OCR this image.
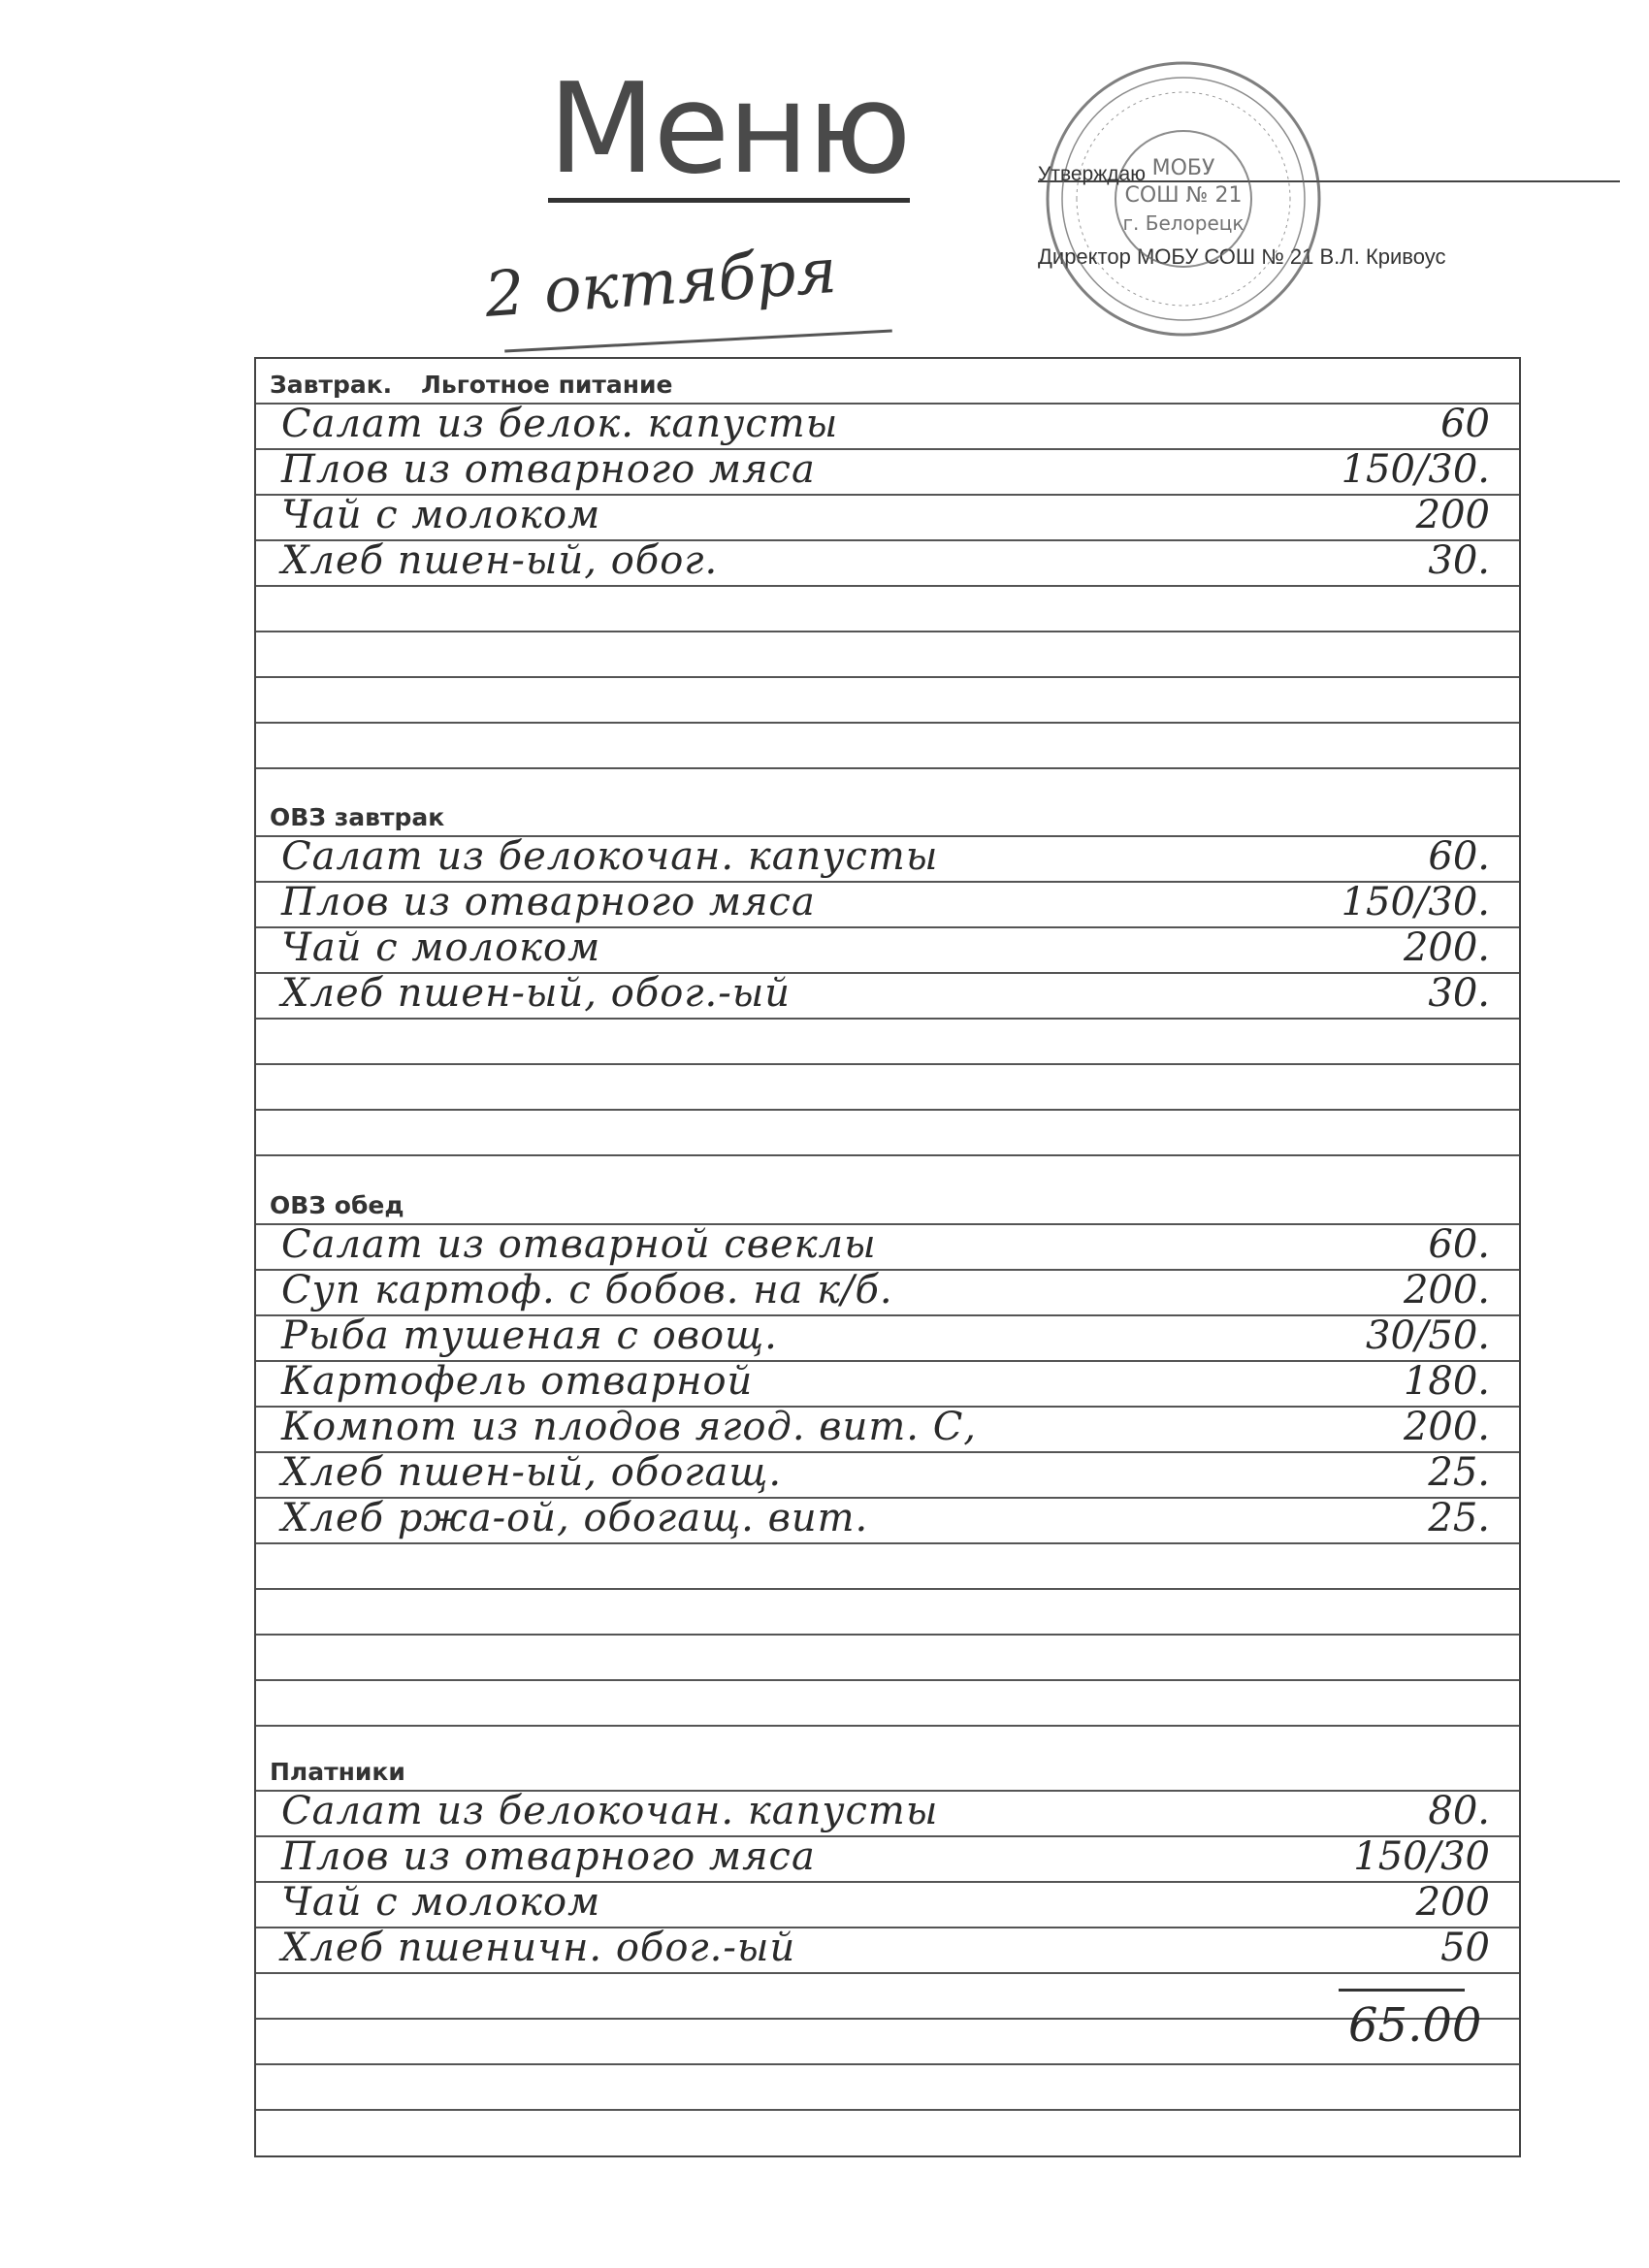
Меню
2 октября
МОБУ
СОШ № 21
г. Белорецк
Утверждаю
Директор МОБУ СОШ № 21 В.Л. Кривоус
Завтрак. Льготное питание
Салат из белок. капусты	60
Плов из отварного мяса	150/30.
Чай с молоком	200
Хлеб пшен-ый, обог.	30.
ОВЗ завтрак
Салат из белокочан. капусты	60.
Плов из отварного мяса	150/30.
Чай с молоком	200.
Хлеб пшен-ый, обог.-ый	30.
ОВЗ обед
Салат из отварной свеклы	60.
Суп картоф. с бобов. на к/б.	200.
Рыба тушеная с овощ.	30/50.
Картофель отварной	180.
Компот из плодов ягод. вит. С,	200.
Хлеб пшен-ый, обогащ.	25.
Хлеб ржа-ой, обогащ. вит.	25.
Платники
Салат из белокочан. капусты	80.
Плов из отварного мяса	150/30
Чай с молоком	200
Хлеб пшеничн. обог.-ый	50
65.00
